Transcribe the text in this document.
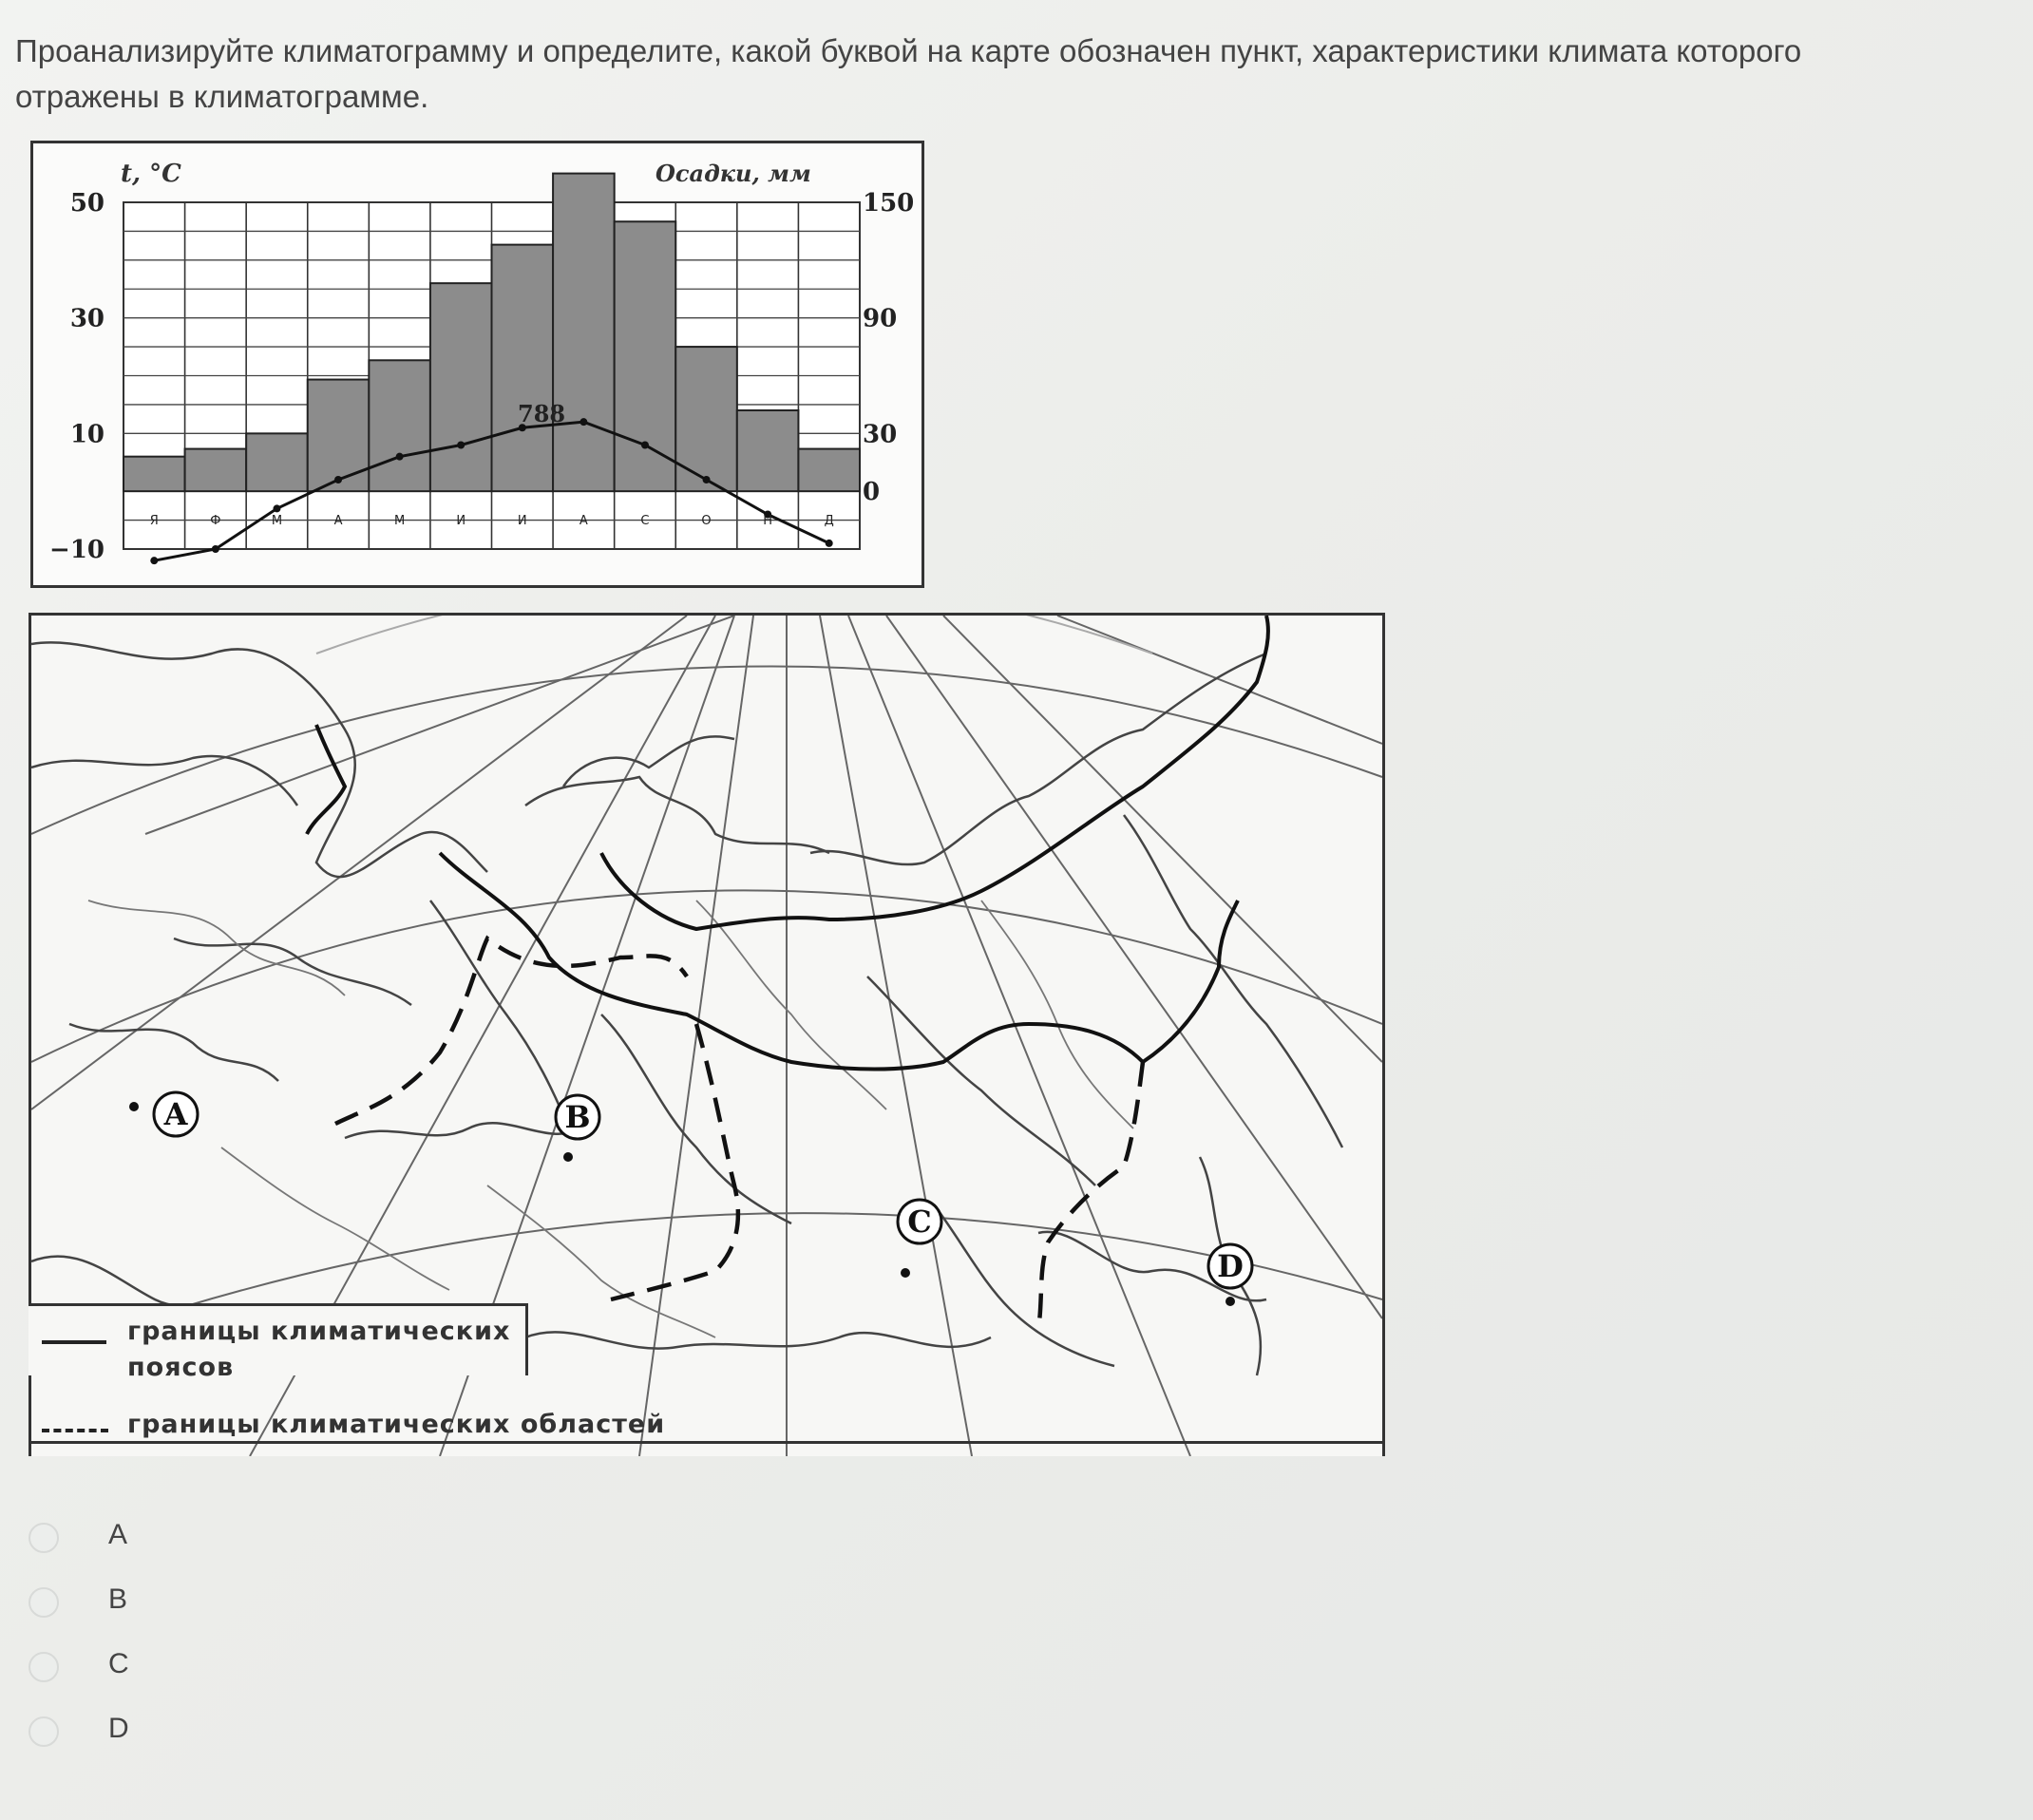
Проанализируйте климатограмму и определите, какой буквой на карте обозначен пункт, характеристики климата которого отражены в климатограмме.
t, °C	Осадки, мм
50
30
10
−10
150
90
30
0
Я	Ф	М	А	М	И	И	А	С	О	Н	Д
788
A	B
C
D
границы климатических поясов
границы климатических областей
A
B
C
D
